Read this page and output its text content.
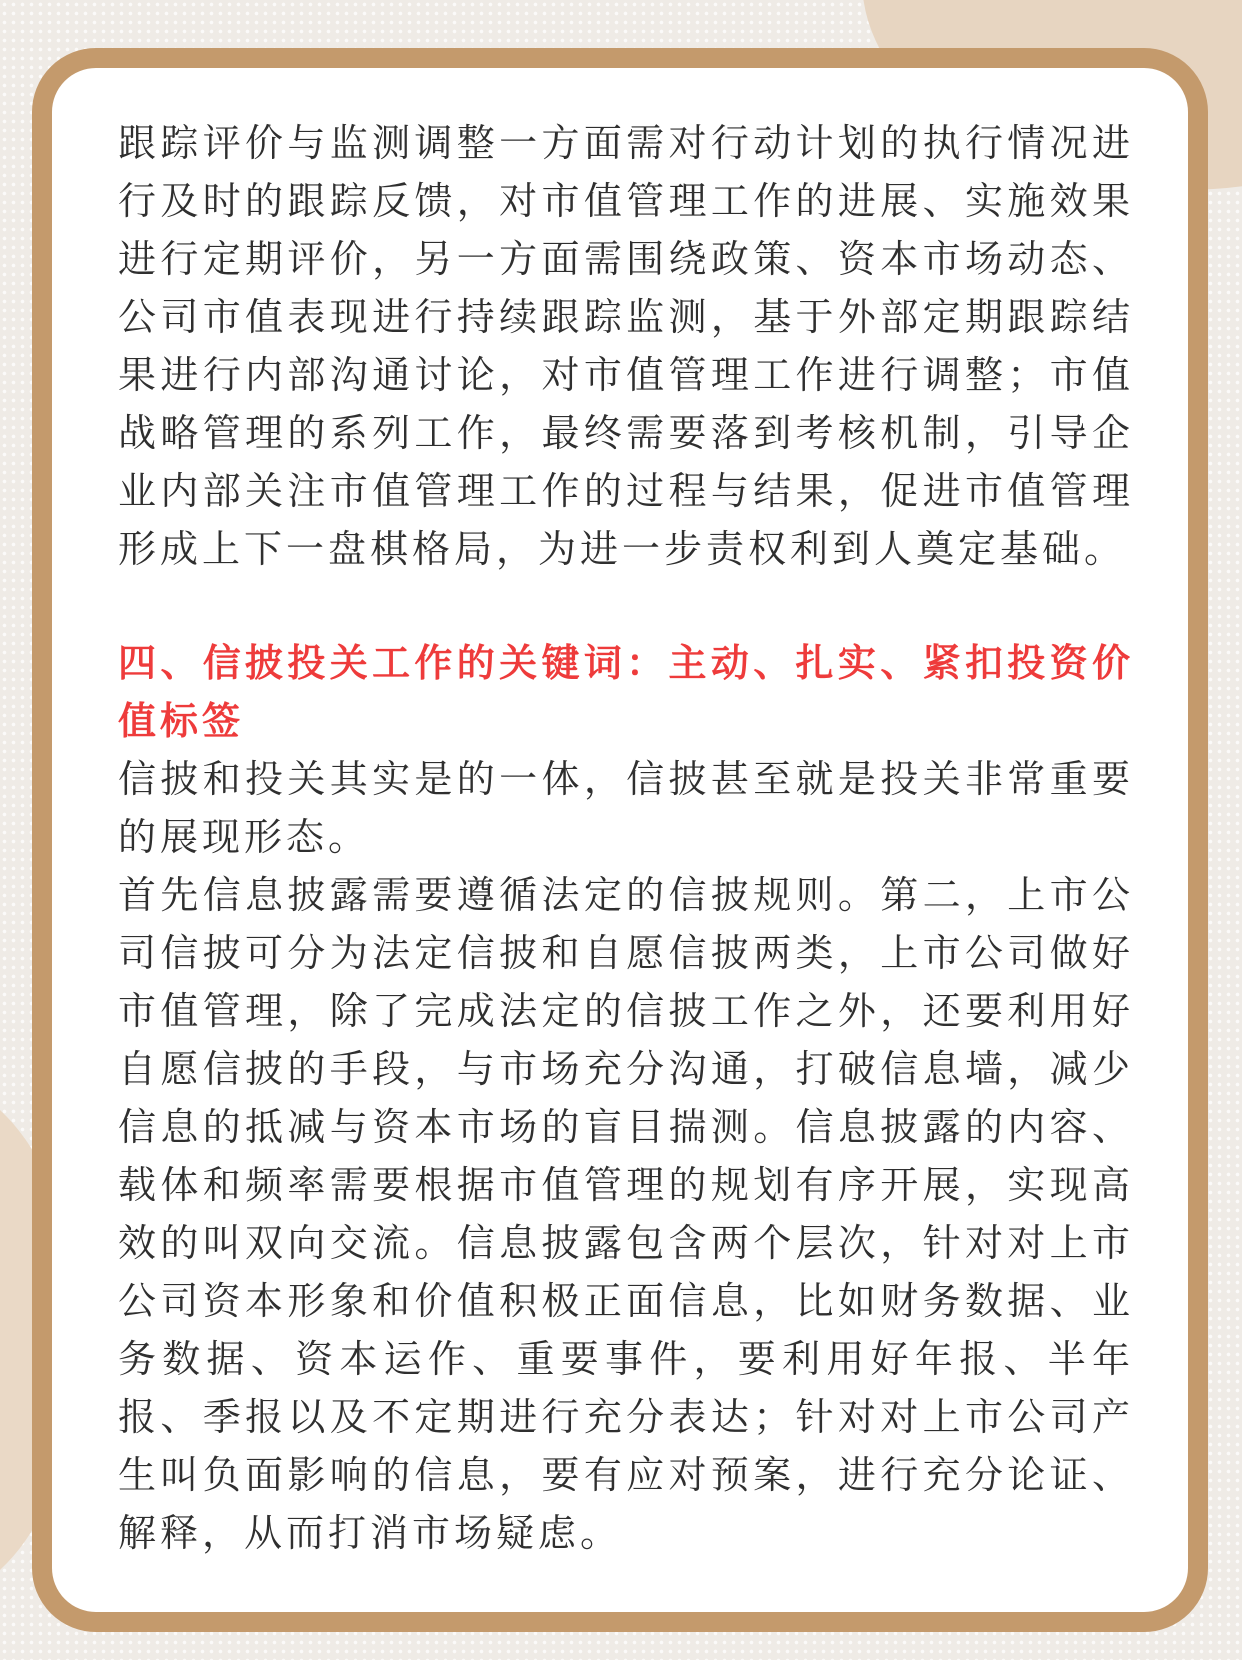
跟踪评价与监测调整一方面需对行动计划的执行情况进行及时的跟踪反馈，对市值管理工作的进展、实施效果进行定期评价，另一方面需围绕政策、资本市场动态、公司市值表现进行持续跟踪监测，基于外部定期跟踪结果进行内部沟通讨论，对市值管理工作进行调整；市值战略管理的系列工作，最终需要落到考核机制，引导企业内部关注市值管理工作的过程与结果，促进市值管理形成上下一盘棋格局，为进一步责权利到人奠定基础。

四、信披投关工作的关键词：主动、扎实、紧扣投资价值标签

信披和投关其实是的一体，信披甚至就是投关非常重要的展现形态。

首先信息披露需要遵循法定的信披规则。第二，上市公司信披可分为法定信披和自愿信披两类，上市公司做好市值管理，除了完成法定的信披工作之外，还要利用好自愿信披的手段，与市场充分沟通，打破信息墙，减少信息的抵减与资本市场的盲目揣测。信息披露的内容、载体和频率需要根据市值管理的规划有序开展，实现高效的叫双向交流。信息披露包含两个层次，针对对上市公司资本形象和价值积极正面信息，比如财务数据、业务数据、资本运作、重要事件，要利用好年报、半年报、季报以及不定期进行充分表达；针对对上市公司产生叫负面影响的信息，要有应对预案，进行充分论证、解释，从而打消市场疑虑。
